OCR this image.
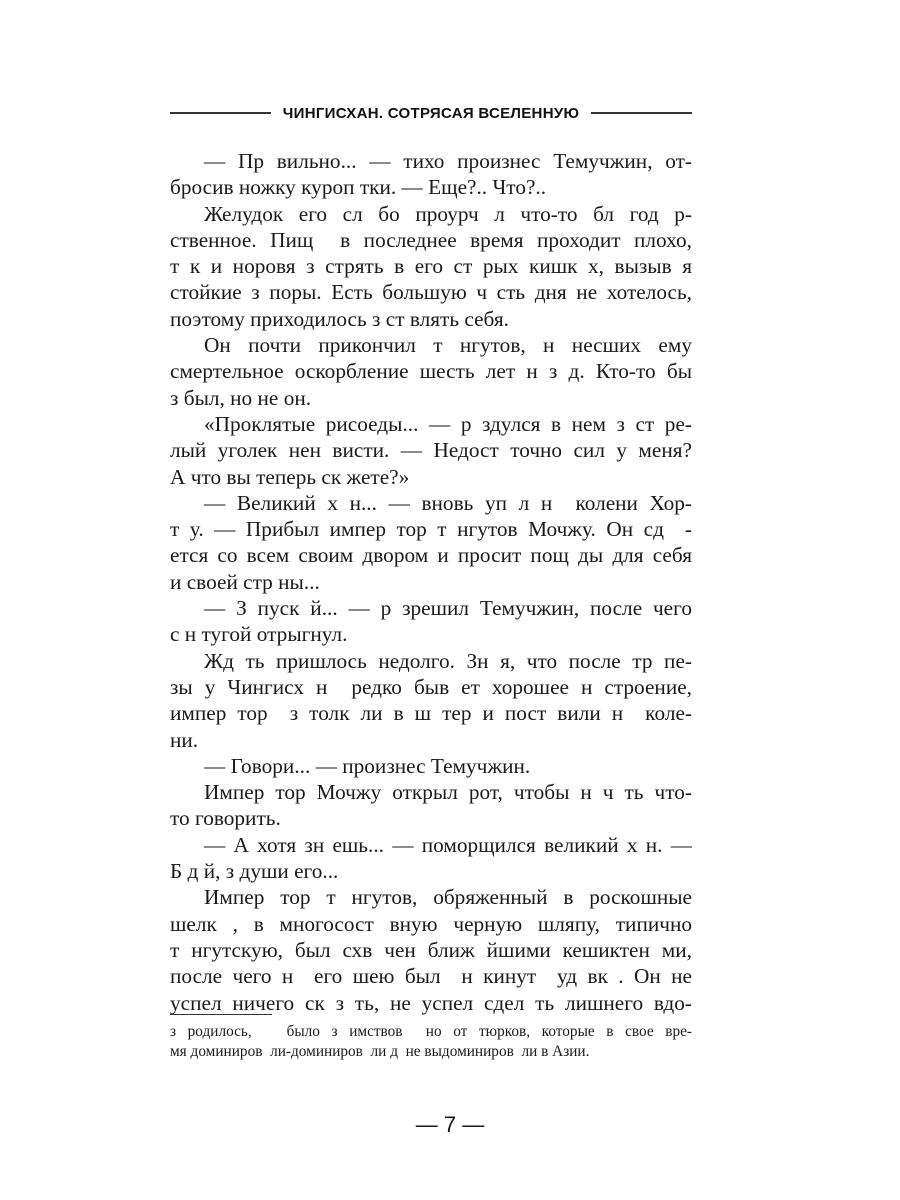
ЧИНГИСХАН. СОТРЯСАЯ ВСЕЛЕННУЮ
— Пр вильно... — тихо произнес Темучжин, от-
бросив ножку куроп тки. — Еще?.. Что?..
Желудок его сл бо проурч л что-то бл год р-
ственное. Пищ  в последнее время проходит плохо,
т к и норовя з стрять в его ст рых кишк х, вызыв я
стойкие з поры. Есть большую ч сть дня не хотелось,
поэтому приходилось з ст влять себя.
Он почти прикончил т нгутов, н несших ему
смертельное оскорбление шесть лет н з д. Кто-то бы
з был, но не он.
«Проклятые рисоеды... — р здулся в нем з ст ре-
лый уголек нен висти. — Недост точно сил у меня?
А что вы теперь ск жете?»
— Великий х н... — вновь уп л н  колени Хор-
т у. — Прибыл импер тор т нгутов Мочжу. Он сд  -
ется со всем своим двором и просит пощ ды для себя
и своей стр ны...
— З пуск й... — р зрешил Темучжин, после чего
с н тугой отрыгнул.
Жд ть пришлось недолго. Зн я, что после тр пе-
зы у Чингисх н  редко быв ет хорошее н строение,
импер тор  з толк ли в ш тер и пост вили н  коле-
ни.
— Говори... — произнес Темучжин.
Импер тор Мочжу открыл рот, чтобы н ч ть что-
то говорить.
— А хотя зн ешь... — поморщился великий х н. —
Б д й, з души его...
Импер тор т нгутов, обряженный в роскошные
шелк , в многосост вную черную шляпу, типично
т нгутскую, был схв чен ближ йшими кешиктен ми,
после чего н  его шею был  н кинут  уд вк . Он не
успел ничего ск з ть, не успел сдел ть лишнего вдо-
з родилось,   было з имствов  но от тюрков, которые в свое вре-
мя доминиров  ли-доминиров  ли д  не выдоминиров  ли в Азии.
— 7 —
